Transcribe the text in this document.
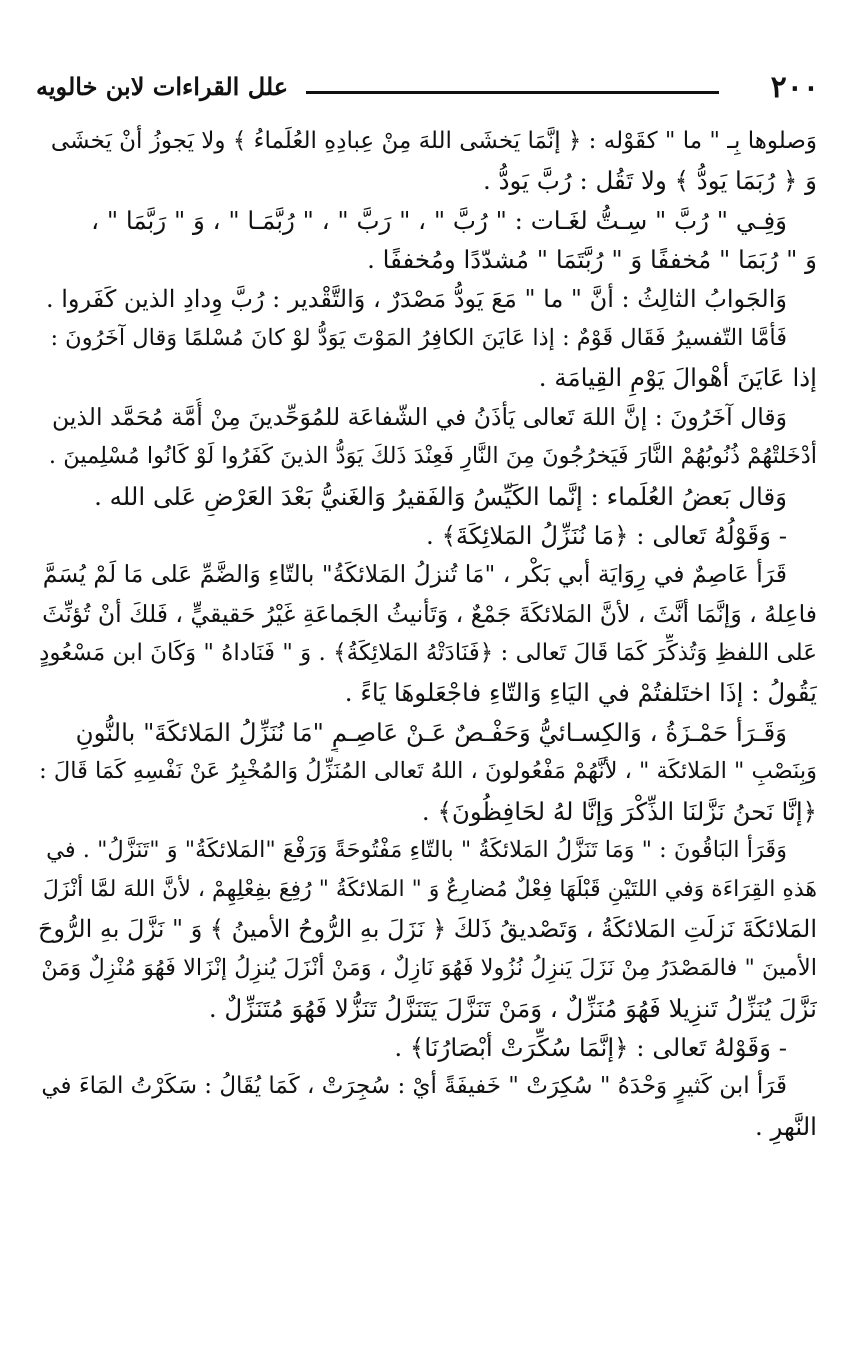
٢٠٠
علل القراءات لابن خالويه
وَصلوها بِـ " ما " كقَوْله : ﴿ إنَّمَا يَخشَى اللهَ مِنْ عِبادِهِ العُلَماءُ ﴾ ولا يَجوزُ أنْ يَخشَى
وَ ﴿ رُبَمَا يَودُّ ﴾ ولا تَقُل : رُبَّ يَودُّ .
وَفِـي " رُبَّ " سِـتُّ لغَـات : " رُبَّ " ، " رَبَّ " ، " رُبَّمَـا " ، وَ " رَبَّمَا " ،
وَ " رُبَمَا " مُخففًا وَ " رُبَّتَمَا " مُشدّدًا ومُخففًا .
وَالجَوابُ الثالِثُ : أنَّ " ما " مَعَ يَودُّ مَصْدَرٌ ، وَالتَّقْدير : رُبَّ وِدادِ الذين كَفَروا .
فَأمَّا التّفسيرُ فَقَال قَوْمٌ : إذا عَايَنَ الكافِرُ المَوْتَ يَوَدُّ لوْ كانَ مُسْلمًا وَقال آخَرُونَ :
إذا عَايَنَ أهْوالَ يَوْمِ القِيامَة .
وَقال آخَرُونَ : إنَّ اللهَ تَعالى يَأذَنُ في الشّفاعَة للمُوَحِّدينَ مِنْ أُمَّة مُحَمَّد الذين
أدْخَلتْهُمْ ذُنُوبُهُمْ النَّارَ فَيَخرُجُونَ مِنَ النَّارِ فَعِنْدَ ذَلكَ يَوَدُّ الذينَ كَفَرُوا لَوْ كَانُوا مُسْلِمينَ .
وَقال بَعضُ العُلَماء : إنَّما الكَيِّسُ وَالفَقيرُ وَالغَنيُّ بَعْدَ العَرْضِ عَلى الله .
- وَقَوْلُهُ تَعالى : ﴿مَا نُنَزِّلُ المَلائِكَةَ﴾ .
قَرَأ عَاصِمٌ في رِوَايَة أبي بَكْر ، "مَا تُنزلُ المَلائكَةُ" بالتّاءِ وَالضَّمِّ عَلى مَا لَمْ يُسَمَّ
فاعِلهُ ، وَإنَّمَا أنَّثَ ، لأنَّ المَلائكَةَ جَمْعٌ ، وَتَأنيثُ الجَماعَةِ غَيْرُ حَقيقيٍّ ، فَلكَ أنْ تُؤنِّثَ
عَلى اللفظِ وَتُذكِّرَ كَمَا قَالَ تَعالى : ﴿فَنَادَتْهُ المَلائِكَةُ﴾ . وَ " فَنَاداهُ " وَكَانَ ابن مَسْعُودٍ
يَقُولُ : إذَا اختَلفتُمْ في اليَاءِ وَالتّاءِ فاجْعَلوهَا يَاءً .
وَقَـرَأ حَمْـزَةُ ، وَالكِسـائيُّ وَحَفْـصٌ عَـنْ عَاصِـمٍ "مَا نُنَزِّلُ المَلائكَةَ" بالنُّونِ
وَبِنَصْبِ " المَلائكَة " ، لأنَّهُمْ مَفْعُولونَ ، اللهُ تَعالى المُنَزِّلُ وَالمُخْبِرُ عَنْ نَفْسِهِ كَمَا قَالَ :
﴿إنَّا نَحنُ نَزَّلنَا الذِّكْرَ وَإنَّا لهُ لحَافِظُونَ﴾ .
وَقَرَأ البَاقُونَ : " وَمَا تَنَزَّلُ المَلائكَةُ " بالتّاءِ مَفْتُوحَةً وَرَفْعَ "المَلائكَةُ" وَ "تَنَزَّلُ" . في
هَذهِ القِرَاءَة وَفي اللتَيْنِ قَبْلَهَا فِعْلٌ مُضارِعٌ وَ " المَلائكَةُ " رُفِعَ بفِعْلِهِمْ ، لأنَّ اللهَ لمَّا أنْزَلَ
المَلائكَةَ نَزلَتِ المَلائكَةُ ، وَتَصْديقُ ذَلكَ ﴿ نَزَلَ بهِ الرُّوحُ الأمينُ ﴾ وَ " نَزَّلَ بهِ الرُّوحَ
الأمينَ " فالمَصْدَرُ مِنْ نَزَلَ يَنزِلُ نُزُولا فَهُوَ نَازِلٌ ، وَمَنْ أنْزَلَ يُنزِلُ إنْزَالا فَهُوَ مُنْزِلٌ وَمَنْ
نَزَّلَ يُنَزِّلُ تَنزِيلا فَهُوَ مُنَزِّلٌ ، وَمَنْ تَنَزَّلَ يَتَنَزَّلُ تَنَزُّلا فَهُوَ مُتَنَزِّلٌ .
- وَقَوْلهُ تَعالى : ﴿إنَّمَا سُكِّرَتْ أبْصَارُنَا﴾ .
قَرَأ ابن كَثيرٍ وَحْدَهُ " سُكِرَتْ " خَفيفَةً أيْ : سُجِرَتْ ، كَمَا يُقَالُ : سَكَرْتُ المَاءَ في
النَّهرِ .
